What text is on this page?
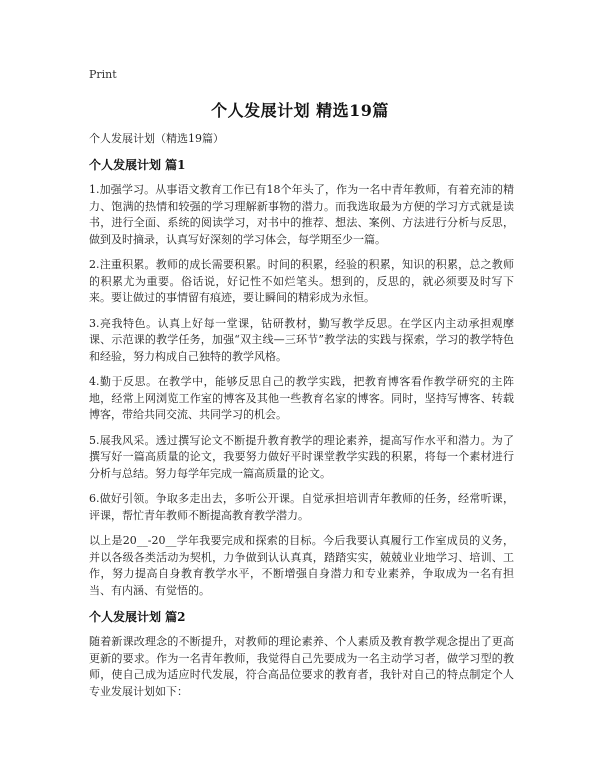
Print
个人发展计划 精选19篇

个人发展计划（精选19篇）

个人发展计划 篇1

1.加强学习。从事语文教育工作已有18个年头了，作为一名中青年教师，有着充沛的精力、饱满的热情和较强的学习理解新事物的潜力。而我选取最为方便的学习方式就是读书，进行全面、系统的阅读学习，对书中的推荐、想法、案例、方法进行分析与反思，做到及时摘录，认真写好深刻的学习体会，每学期至少一篇。

2.注重积累。教师的成长需要积累。时间的积累，经验的积累，知识的积累，总之教师的积累尤为重要。俗话说，好记性不如烂笔头。想到的，反思的，就必须要及时写下来。要让做过的事情留有痕迹，要让瞬间的精彩成为永恒。

3.亮我特色。认真上好每一堂课，钻研教材，勤写教学反思。在学区内主动承担观摩课、示范课的教学任务，加强“双主线—三环节”教学法的实践与探索，学习的教学特色和经验，努力构成自己独特的教学风格。

4.勤于反思。在教学中，能够反思自己的教学实践，把教育博客看作教学研究的主阵地，经常上网浏览工作室的博客及其他一些教育名家的博客。同时，坚持写博客、转载博客，带给共同交流、共同学习的机会。

5.展我风采。透过撰写论文不断提升教育教学的理论素养，提高写作水平和潜力。为了撰写好一篇高质量的论文，我要努力做好平时课堂教学实践的积累，将每一个素材进行分析与总结。努力每学年完成一篇高质量的论文。

6.做好引领。争取多走出去，多听公开课。自觉承担培训青年教师的任务，经常听课，评课，帮忙青年教师不断提高教育教学潜力。

以上是20__-20__学年我要完成和探索的目标。今后我要认真履行工作室成员的义务，并以各级各类活动为契机，力争做到认认真真，踏踏实实，兢兢业业地学习、培训、工作，努力提高自身教育教学水平，不断增强自身潜力和专业素养，争取成为一名有担当、有内涵、有觉悟的。

个人发展计划 篇2

随着新课改理念的不断提升，对教师的理论素养、个人素质及教育教学观念提出了更高更新的要求。作为一名青年教师，我觉得自己先要成为一名主动学习者，做学习型的教师，使自己成为适应时代发展，符合高品位要求的教育者，我针对自己的特点制定个人专业发展计划如下：
